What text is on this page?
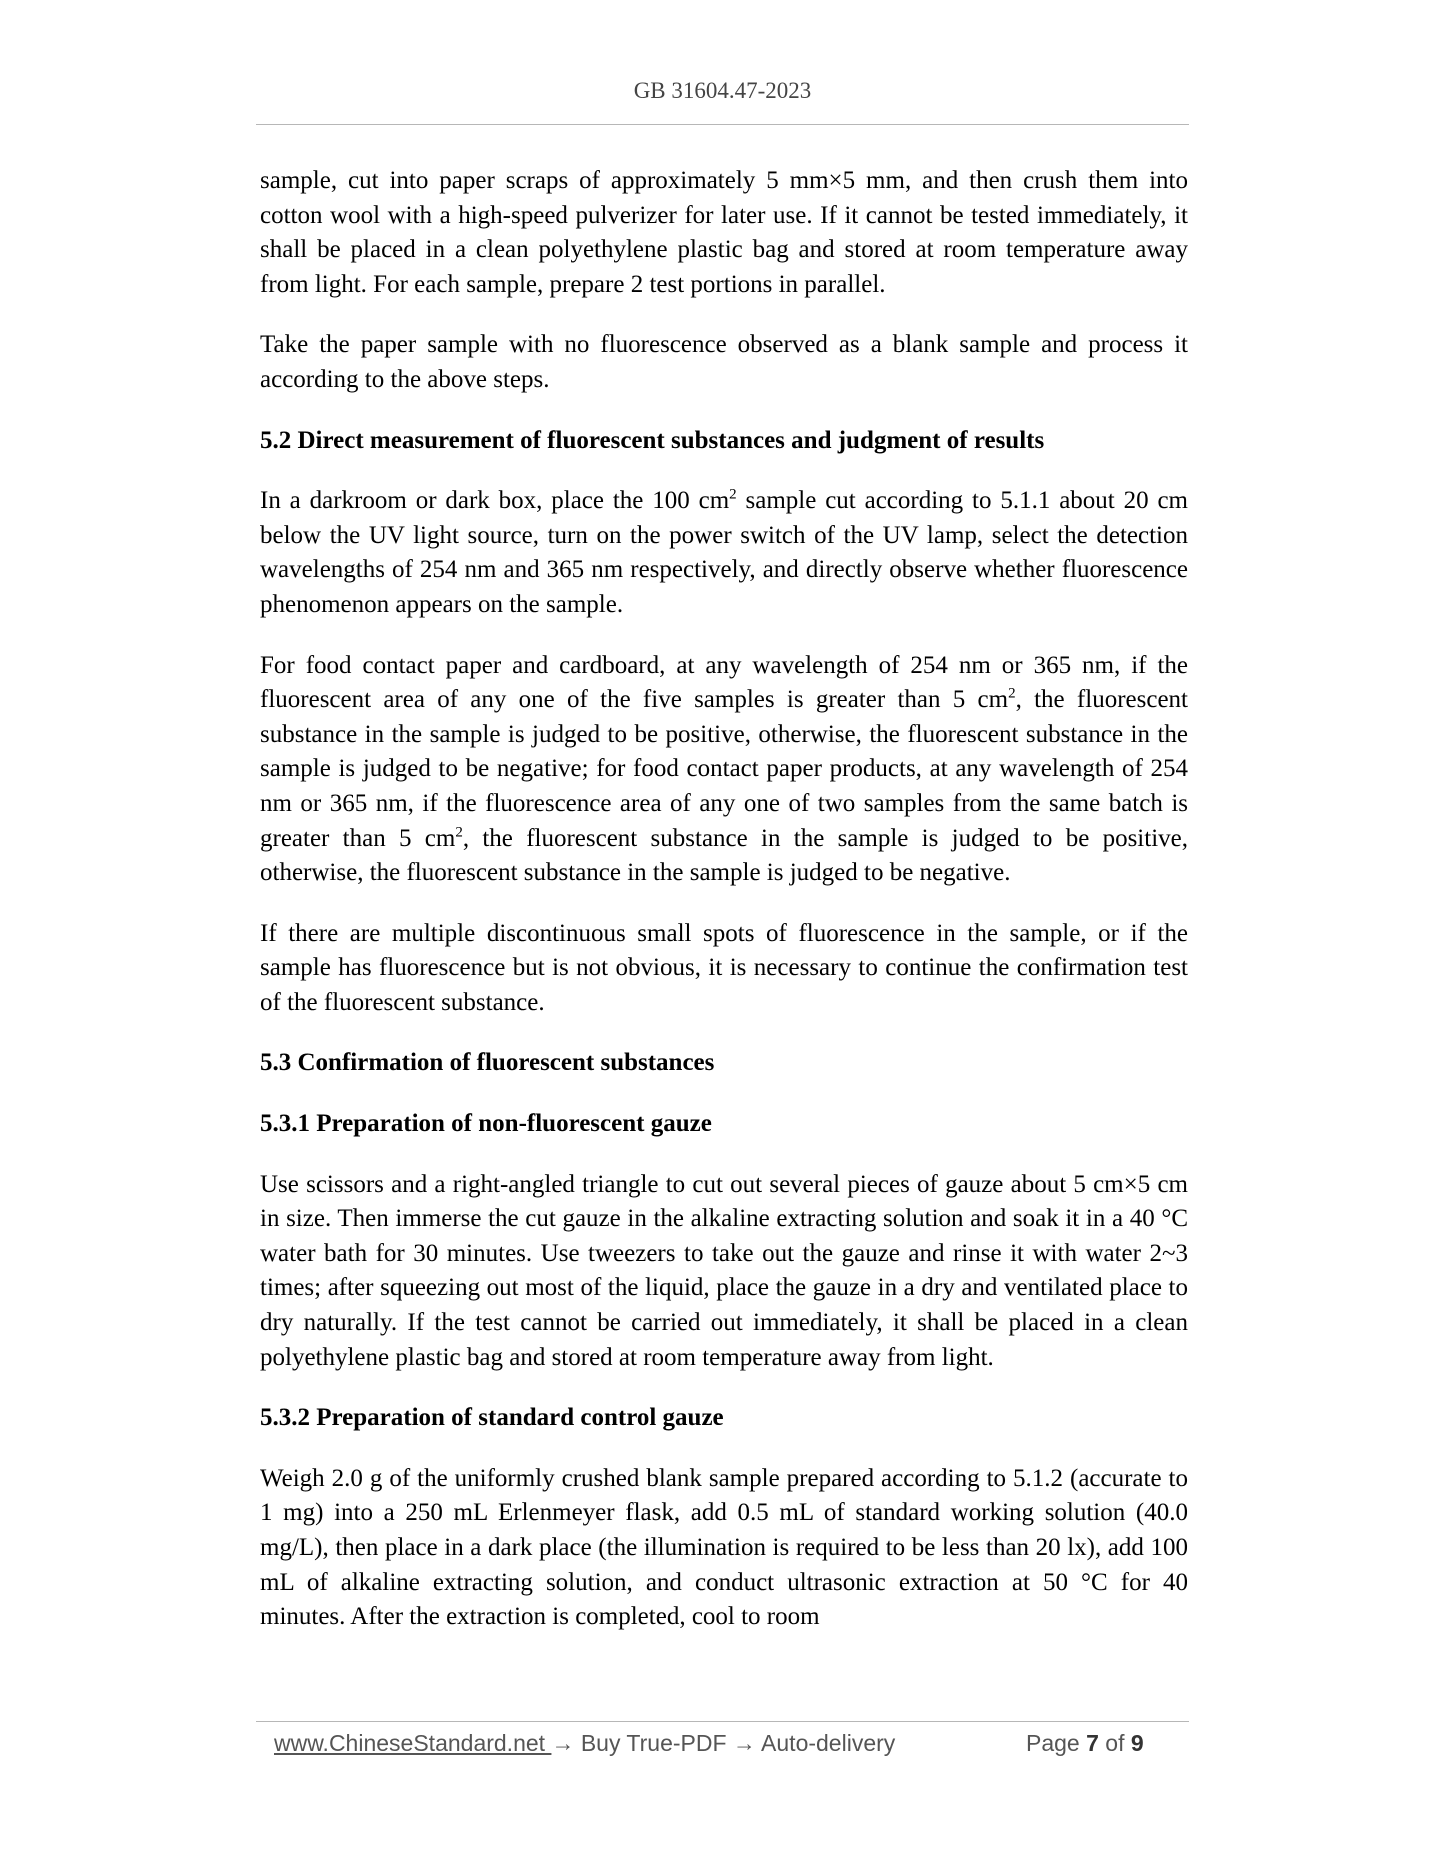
GB 31604.47-2023

sample, cut into paper scraps of approximately 5 mm×5 mm, and then crush them into cotton wool with a high-speed pulverizer for later use. If it cannot be tested immediately, it shall be placed in a clean polyethylene plastic bag and stored at room temperature away from light. For each sample, prepare 2 test portions in parallel.

Take the paper sample with no fluorescence observed as a blank sample and process it according to the above steps.

5.2 Direct measurement of fluorescent substances and judgment of results

In a darkroom or dark box, place the 100 $cm^2$ sample cut according to 5.1.1 about 20 cm below the UV light source, turn on the power switch of the UV lamp, select the detection wavelengths of 254 nm and 365 nm respectively, and directly observe whether fluorescence phenomenon appears on the sample.

For food contact paper and cardboard, at any wavelength of 254 nm or 365 nm, if the fluorescent area of any one of the five samples is greater than 5 $cm^2$, the fluorescent substance in the sample is judged to be positive, otherwise, the fluorescent substance in the sample is judged to be negative; for food contact paper products, at any wavelength of 254 nm or 365 nm, if the fluorescence area of any one of two samples from the same batch is greater than 5 $cm^2$, the fluorescent substance in the sample is judged to be positive, otherwise, the fluorescent substance in the sample is judged to be negative.

If there are multiple discontinuous small spots of fluorescence in the sample, or if the sample has fluorescence but is not obvious, it is necessary to continue the confirmation test of the fluorescent substance.

5.3 Confirmation of fluorescent substances
5.3.1 Preparation of non-fluorescent gauze

Use scissors and a right-angled triangle to cut out several pieces of gauze about 5 cm×5 cm in size. Then immerse the cut gauze in the alkaline extracting solution and soak it in a 40 °C water bath for 30 minutes. Use tweezers to take out the gauze and rinse it with water 2~3 times; after squeezing out most of the liquid, place the gauze in a dry and ventilated place to dry naturally. If the test cannot be carried out immediately, it shall be placed in a clean polyethylene plastic bag and stored at room temperature away from light.

5.3.2 Preparation of standard control gauze

Weigh 2.0 g of the uniformly crushed blank sample prepared according to 5.1.2 (accurate to 1 mg) into a 250 mL Erlenmeyer flask, add 0.5 mL of standard working solution (40.0 mg/L), then place in a dark place (the illumination is required to be less than 20 lx), add 100 mL of alkaline extracting solution, and conduct ultrasonic extraction at 50 °C for 40 minutes. After the extraction is completed, cool to room

www.ChineseStandard.net → Buy True-PDF → Auto-delivery	Page 7 of 9
